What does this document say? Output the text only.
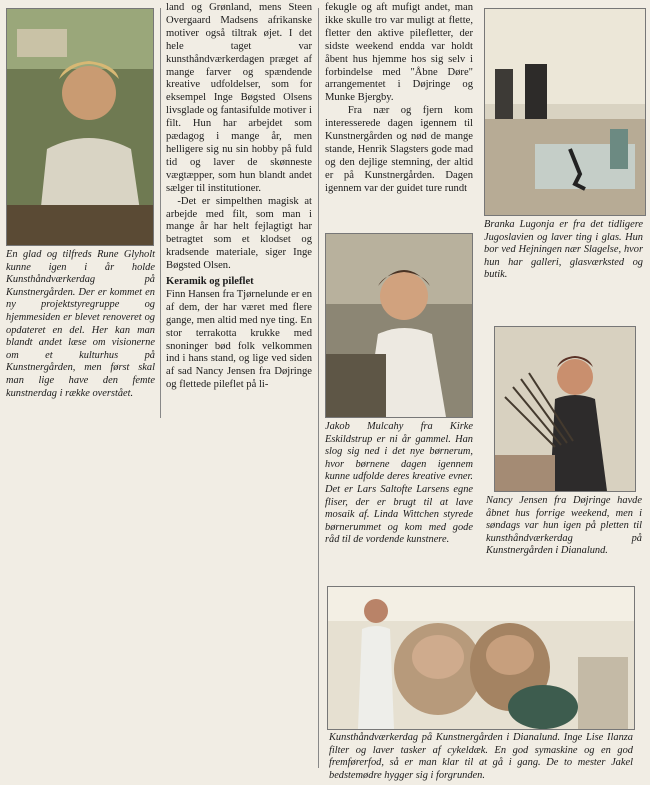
En glad og tilfreds Rune Glyholt kunne igen i år holde Kunsthåndværkerdag på Kunstnergården. Der er kommet en ny projektstyregruppe og hjemmesiden er blevet renoveret og opdateret en del. Her kan man blandt andet læse om visionerne om et kulturhus på Kunstnergården, men først skal man lige have den femte kunstnerdag i række overstået.

land og Grønland, mens Steen Overgaard Madsens afrikanske motiver også tiltrak øjet. I det hele taget var kunsthåndværkerdagen præget af mange farver og spændende kreative udfoldelser, som for eksempel Inge Bøgsted Olsens livsglade og fantasifulde motiver i filt. Hun har arbejdet som pædagog i mange år, men helligere sig nu sin hobby på fuld tid og laver de skønneste vægtæpper, som hun blandt andet sælger til institutioner.
-Det er simpelthen magisk at arbejde med filt, som man i mange år har helt fejlagtigt har betragtet som et klodset og kradsende materiale, siger Inge Bøgsted Olsen.
Keramik og pileflet
Finn Hansen fra Tjørnelunde er en af dem, der har været med flere gange, men altid med nye ting. En stor terrakotta krukke med snoninger bød folk velkommen ind i hans stand, og lige ved siden af sad Nancy Jensen fra Døjringe og flettede pileflet på li-
fekugle og aft mufigt andet, man ikke skulle tro var muligt at flette, fletter den aktive pilefletter, der sidste weekend endda var holdt åbent hus hjemme hos sig selv i forbindelse med "Åbne Døre" arrangementet i Døjringe og Munke Bjergby.
Fra nær og fjern kom interesserede dagen igennem til Kunstnergården og nød de mange stande, Henrik Slagsters gode mad og den dejlige stemning, der altid er på Kunstnergården. Dagen igennem var der guidet ture rundt

Branka Lugonja er fra det tidligere Jugoslavien og laver ting i glas. Hun bor ved Hejningen nær Slagelse, hvor hun har galleri, glasværksted og butik.

Jakob Mulcahy fra Kirke Eskildstrup er ni år gammel. Han slog sig ned i det nye børnerum, hvor børnene dagen igennem kunne udfolde deres kreative evner. Det er Lars Saltofte Larsens egne fliser, der er brugt til at lave mosaik af. Linda Wittchen styrede børnerummet og kom med gode råd til de vordende kunstnere.

Nancy Jensen fra Døjringe havde åbnet hus forrige weekend, men i søndags var hun igen på pletten til kunsthåndværkerdag på Kunstnergården i Dianalund.

Kunsthåndværkerdag på Kunstnergården i Dianalund. Inge Lise Ilanza filter og laver tasker af cykeldæk. En god symaskine og en god fremførerfod, så er man klar til at gå i gang. De to mester Jakel bedstemødre hygger sig i forgrunden.
